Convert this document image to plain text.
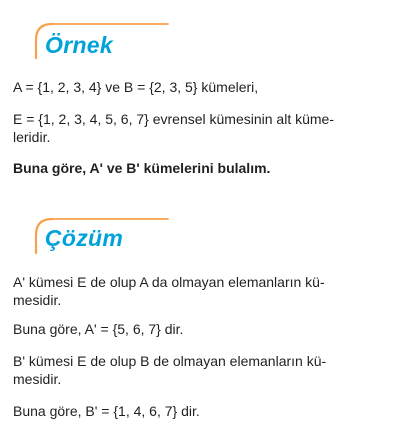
Örnek
A = {1, 2, 3, 4} ve B = {2, 3, 5} kümeleri,
E = {1, 2, 3, 4, 5, 6, 7} evrensel kümesinin alt küme-
leridir.
Buna göre, A' ve B' kümelerini bulalım.
Çözüm
A' kümesi E de olup A da olmayan elemanların kü-
mesidir.
Buna göre, A' = {5, 6, 7} dir.
B' kümesi E de olup B de olmayan elemanların kü-
mesidir.
Buna göre, B' = {1, 4, 6, 7} dir.
